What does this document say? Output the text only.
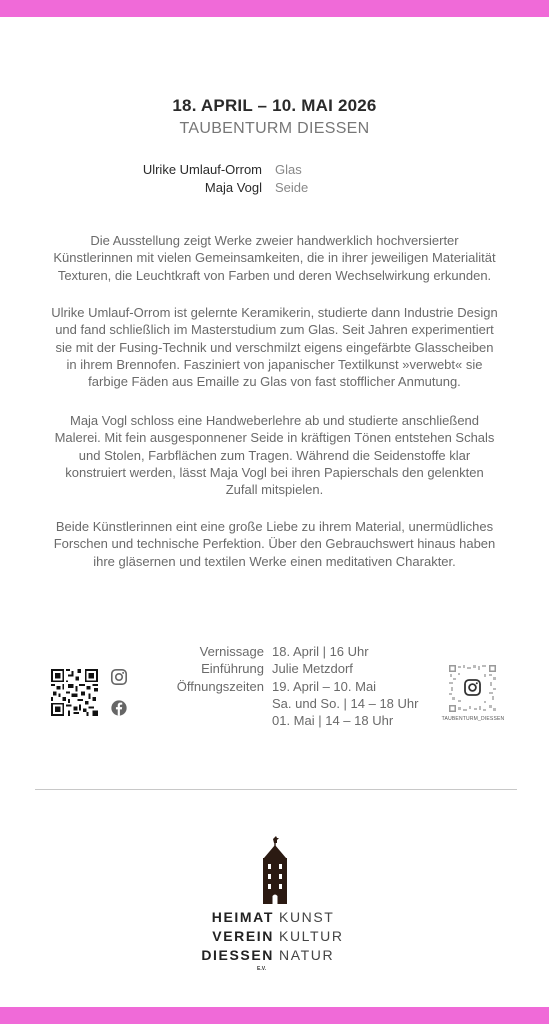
18. APRIL – 10. MAI 2026
TAUBENTURM DIESSEN
Ulrike Umlauf-Orrom Glas
Maja Vogl Seide

Die Ausstellung zeigt Werke zweier handwerklich hochversierter Künstlerinnen mit vielen Gemeinsamkeiten, die in ihrer jeweiligen Materialität Texturen, die Leuchtkraft von Farben und deren Wechselwirkung erkunden.

Ulrike Umlauf-Orrom ist gelernte Keramikerin, studierte dann Industrie Design und fand schließlich im Masterstudium zum Glas. Seit Jahren experimentiert sie mit der Fusing-Technik und verschmilzt eigens eingefärbte Glasscheiben in ihrem Brennofen. Fasziniert von japanischer Textilkunst »verwebt« sie farbige Fäden aus Emaille zu Glas von fast stofflicher Anmutung.

Maja Vogl schloss eine Handweberlehre ab und studierte anschließend Malerei. Mit fein ausgesponnener Seide in kräftigen Tönen entstehen Schals und Stolen, Farbflächen zum Tragen. Während die Seidenstoffe klar konstruiert werden, lässt Maja Vogl bei ihren Papierschals den gelenkten Zufall mitspielen.

Beide Künstlerinnen eint eine große Liebe zu ihrem Material, unermüdliches Forschen und technische Perfektion. Über den Gebrauchswert hinaus haben ihre gläsernen und textilen Werke einen meditativen Charakter.

Vernissage
Einführung
Öffnungszeiten
18. April | 16 Uhr
Julie Metzdorf
19. April – 10. Mai
Sa. und So. | 14 – 18 Uhr
01. Mai | 14 – 18 Uhr	TAUBENTURM_DIESSEN
HEIMAT KUNST
VEREIN KULTUR
DIESSEN NATUR
E.V.
